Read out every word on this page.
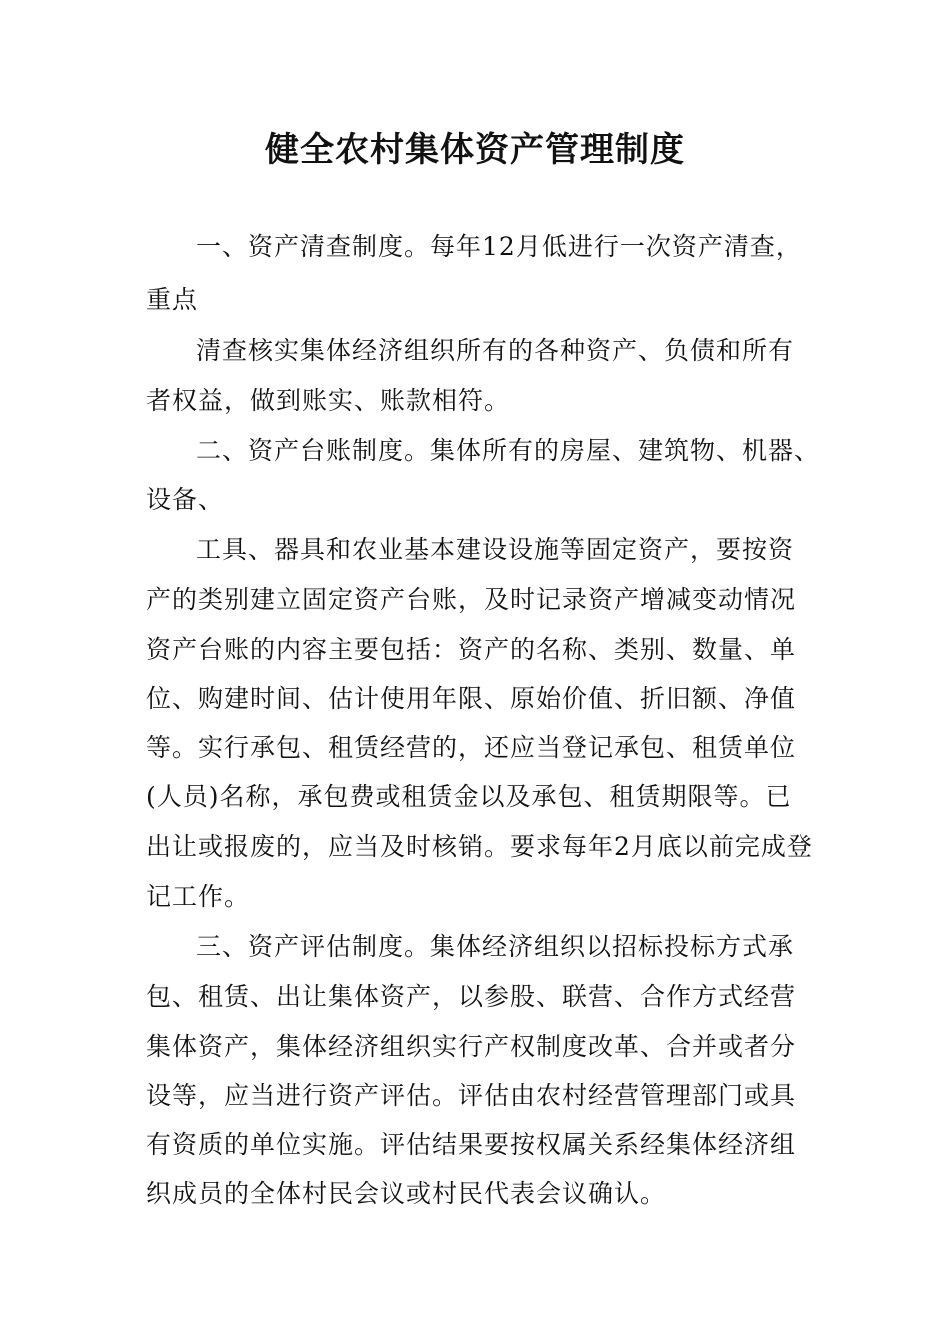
健全农村集体资产管理制度
一、资产清查制度。每年12月低进行一次资产清查，
重点
清查核实集体经济组织所有的各种资产、负债和所有
者权益，做到账实、账款相符。
二、资产台账制度。集体所有的房屋、建筑物、机器、
设备、
工具、器具和农业基本建设设施等固定资产，要按资
产的类别建立固定资产台账，及时记录资产增减变动情况
资产台账的内容主要包括：资产的名称、类别、数量、单
位、购建时间、估计使用年限、原始价值、折旧额、净值
等。实行承包、租赁经营的，还应当登记承包、租赁单位
(人员)名称，承包费或租赁金以及承包、租赁期限等。已
出让或报废的，应当及时核销。要求每年2月底以前完成登
记工作。
三、资产评估制度。集体经济组织以招标投标方式承
包、租赁、出让集体资产，以参股、联营、合作方式经营
集体资产，集体经济组织实行产权制度改革、合并或者分
设等，应当进行资产评估。评估由农村经营管理部门或具
有资质的单位实施。评估结果要按权属关系经集体经济组
织成员的全体村民会议或村民代表会议确认。
